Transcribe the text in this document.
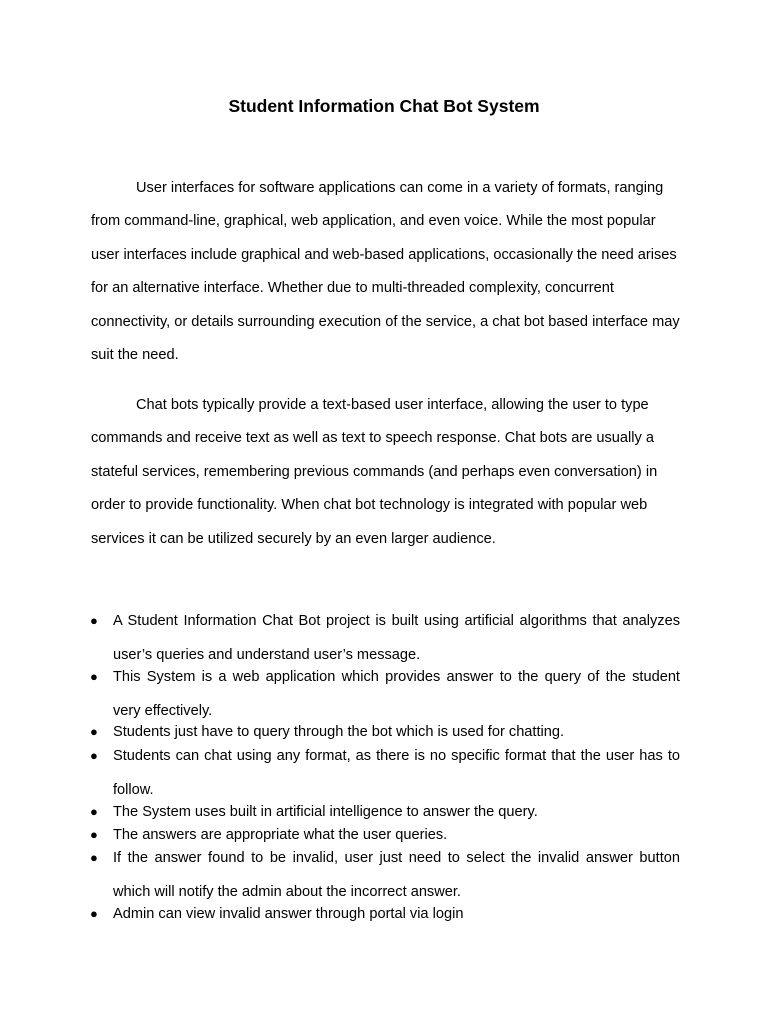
Student Information Chat Bot System

User interfaces for software applications can come in a variety of formats, ranging from command-line, graphical, web application, and even voice. While the most popular user interfaces include graphical and web-based applications, occasionally the need arises for an alternative interface. Whether due to multi-threaded complexity, concurrent connectivity, or details surrounding execution of the service, a chat bot based interface may suit the need.

Chat bots typically provide a text-based user interface, allowing the user to type commands and receive text as well as text to speech response. Chat bots are usually a stateful services, remembering previous commands (and perhaps even conversation) in order to provide functionality. When chat bot technology is integrated with popular web services it can be utilized securely by an even larger audience.

●	A Student Information Chat Bot project is built using artificial algorithms that analyzes user’s queries and understand user’s message.
●	This System is a web application which provides answer to the query of the student very effectively.
●	Students just have to query through the bot which is used for chatting.
●	Students can chat using any format, as there is no specific format that the user has to follow.
●	The System uses built in artificial intelligence to answer the query.
●	The answers are appropriate what the user queries.
●	If the answer found to be invalid, user just need to select the invalid answer button which will notify the admin about the incorrect answer.
●	Admin can view invalid answer through portal via login
